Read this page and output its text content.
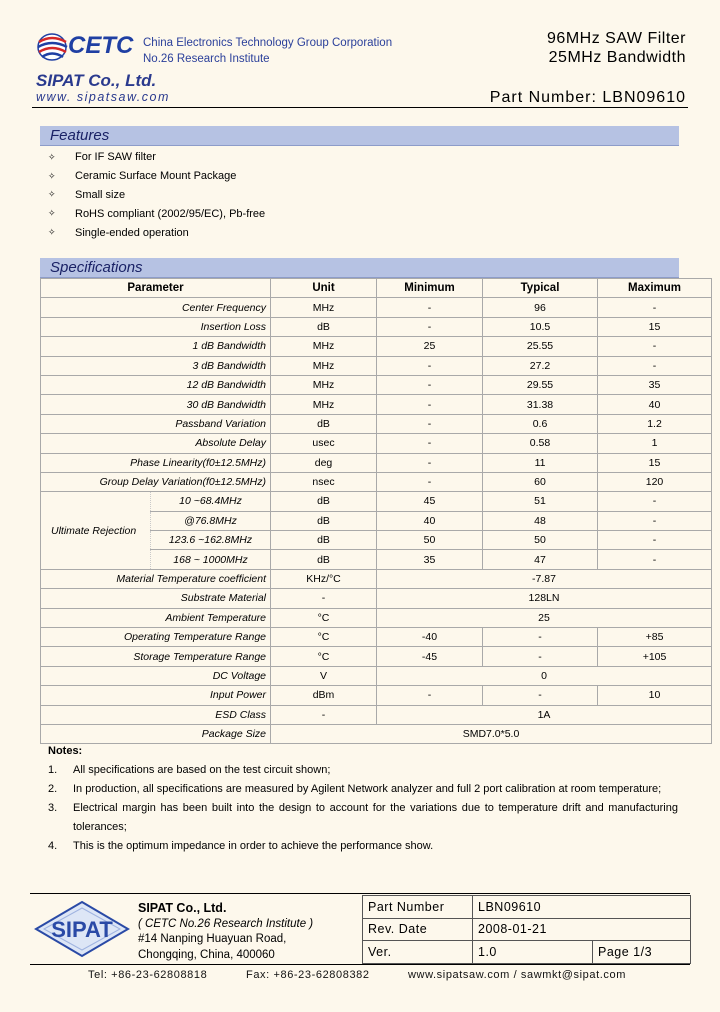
CETC China Electronics Technology Group Corporation
No.26 Research Institute
SIPAT Co., Ltd.
www. sipatsaw.com
96MHz SAW Filter
25MHz Bandwidth
Part Number: LBN09610
Features
✧	For IF SAW filter
✧	Ceramic Surface Mount Package
✧	Small size
✧	RoHS compliant (2002/95/EC), Pb-free
✧	Single-ended operation
Specifications
Parameter		Unit	Minimum	Typical	Maximum
Center Frequency		MHz	-	96	-
Insertion Loss		dB	-	10.5	15
1 dB Bandwidth		MHz	25	25.55	-
3 dB Bandwidth		MHz	-	27.2	-
12 dB Bandwidth		MHz	-	29.55	35
30 dB Bandwidth		MHz	-	31.38	40
Passband Variation		dB	-	0.6	1.2
Absolute Delay		usec	-	0.58	1
Phase Linearity(f0±12.5MHz)		deg	-	11	15
Group Delay Variation(f0±12.5MHz)		nsec	-	60	120
Ultimate Rejection	10 ~68.4MHz	dB	45	51	-
	@76.8MHz	dB	40	48	-
	123.6 ~162.8MHz	dB	50	50	-
	168 ~ 1000MHz	dB	35	47	-
Material Temperature coefficient		KHz/°C	-7.87		
Substrate Material		-	128LN		
Ambient Temperature		°C	25		
Operating Temperature Range		°C	-40	-	+85
Storage Temperature Range		°C	-45	-	+105
DC Voltage		V	0		
Input Power		dBm	-	-	10
ESD Class		-	1A		
Package Size		SMD7.0*5.0			
Notes:
1.	All specifications are based on the test circuit shown;
2.	In production, all specifications are measured by Agilent Network analyzer and full 2 port calibration at room temperature;
3.	Electrical margin has been built into the design to account for the variations due to temperature drift and manufacturing tolerances;
4.	This is the optimum impedance in order to achieve the performance show.
SIPAT
SIPAT Co., Ltd.
( CETC No.26 Research Institute )
#14 Nanping Huayuan Road,
Chongqing, China, 400060
Part Number	LBN09610	
Rev. Date	2008-01-21	
Ver.	1.0	Page 1/3
Tel: +86-23-62808818	Fax: +86-23-62808382	www.sipatsaw.com / sawmkt@sipat.com
